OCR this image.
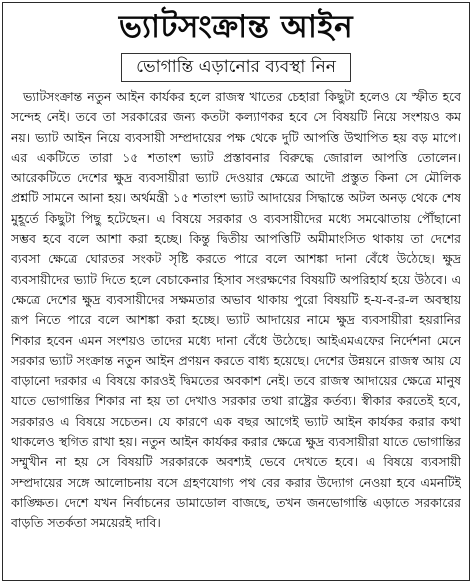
ভ্যাটসংক্রান্ত আইন
ভোগান্তি এড়ানোর ব্যবস্থা নিন

ভ্যাটসংক্রান্ত নতুন আইন কার্যকর হলে রাজস্ব খাতের চেহারা কিছুটা হলেও যে স্ফীত হবে সন্দেহ নেই। তবে তা সরকারের জন্য কতটা কল্যাণকর হবে সে বিষয়টি নিয়ে সংশয়ও কম নয়। ভ্যাট আইন নিয়ে ব্যবসায়ী সম্প্রদায়ের পক্ষ থেকে দুটি আপত্তি উত্থাপিত হয় বড় মাপে। এর একটিতে তারা ১৫ শতাংশ ভ্যাট প্রস্তাবনার বিরুদ্ধে জোরাল আপত্তি তোলেন। আরেকটিতে দেশের ক্ষুদ্র ব্যবসায়ীরা ভ্যাট দেওয়ার ক্ষেত্রে আদৌ প্রস্তুত কিনা সে মৌলিক প্রশ্নটি সামনে আনা হয়। অর্থমন্ত্রী ১৫ শতাংশ ভ্যাট আদায়ের সিদ্ধান্তে অটল অনড় থেকে শেষ মুহূর্তে কিছুটা পিছু হটেছেন। এ বিষয়ে সরকার ও ব্যবসায়ীদের মধ্যে সমঝোতায় পৌঁছানো সম্ভব হবে বলে আশা করা হচ্ছে। কিন্তু দ্বিতীয় আপত্তিটি অমীমাংসিত থাকায় তা দেশের ব্যবসা ক্ষেত্রে ঘোরতর সংকট সৃষ্টি করতে পারে বলে আশঙ্কা দানা বেঁধে উঠেছে। ক্ষুদ্র ব্যবসায়ীদের ভ্যাট দিতে হলে বেচাকেনার হিসাব সংরক্ষণের বিষয়টি অপরিহার্য হয়ে উঠবে। এ ক্ষেত্রে দেশের ক্ষুদ্র ব্যবসায়ীদের সক্ষমতার অভাব থাকায় পুরো বিষয়টি হ-য-ব-র-ল অবস্থায় রূপ নিতে পারে বলে আশঙ্কা করা হচ্ছে। ভ্যাট আদায়ের নামে ক্ষুদ্র ব্যবসায়ীরা হয়রানির শিকার হবেন এমন সংশয়ও তাদের মধ্যে দানা বেঁধে উঠেছে। আইএমএফের নির্দেশনা মেনে সরকার ভ্যাট সংক্রান্ত নতুন আইন প্রণয়ন করতে বাধ্য হয়েছে। দেশের উন্নয়নে রাজস্ব আয় যে বাড়ানো দরকার এ বিষয়ে কারওই দ্বিমতের অবকাশ নেই। তবে রাজস্ব আদায়ের ক্ষেত্রে মানুষ যাতে ভোগান্তির শিকার না হয় তা দেখাও সরকার তথা রাষ্ট্রের কর্তব্য। স্বীকার করতেই হবে, সরকারও এ বিষয়ে সচেতন। যে কারণে এক বছর আগেই ভ্যাট আইন কার্যকর করার কথা থাকলেও স্থগিত রাখা হয়। নতুন আইন কার্যকর করার ক্ষেত্রে ক্ষুদ্র ব্যবসায়ীরা যাতে ভোগান্তির সম্মুখীন না হয় সে বিষয়টি সরকারকে অবশ্যই ভেবে দেখতে হবে। এ বিষয়ে ব্যবসায়ী সম্প্রদায়ের সঙ্গে আলোচনায় বসে গ্রহণযোগ্য পথ বের করার উদ্যোগ নেওয়া হবে এমনটিই কাঙ্ক্ষিত। দেশে যখন নির্বাচনের ডামাডোল বাজছে, তখন জনভোগান্তি এড়াতে সরকারের বাড়তি সতর্কতা সময়েরই দাবি।
